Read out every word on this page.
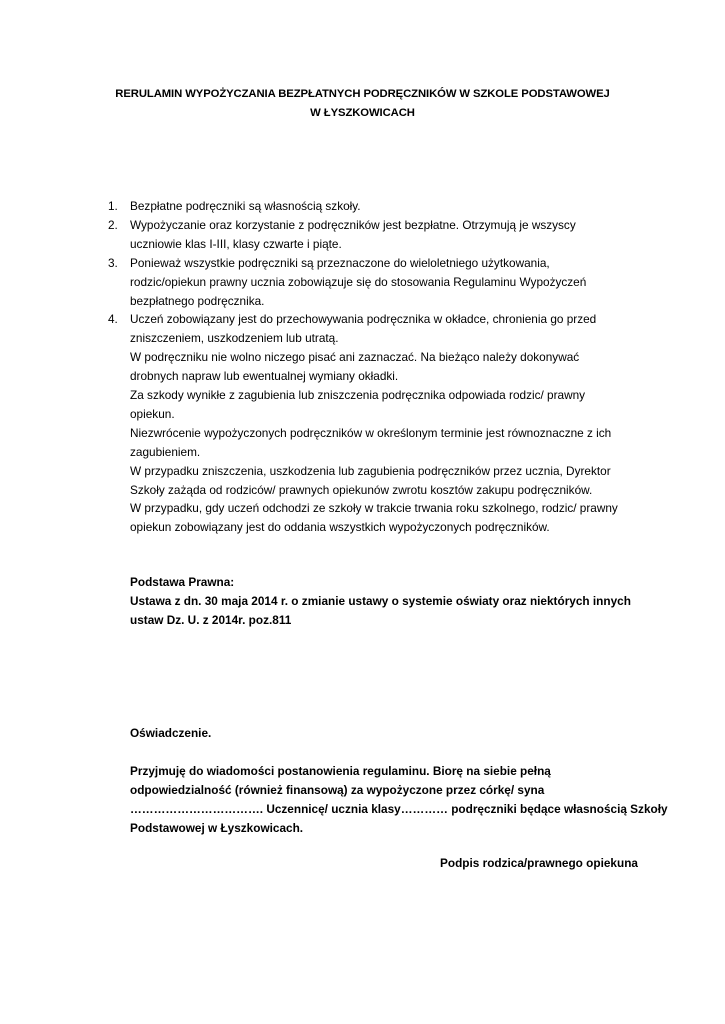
RERULAMIN WYPOŻYCZANIA BEZPŁATNYCH PODRĘCZNIKÓW W SZKOLE PODSTAWOWEJ
W ŁYSZKOWICACH
1. Bezpłatne podręczniki są własnością szkoły.
2. Wypożyczanie oraz korzystanie z podręczników jest bezpłatne. Otrzymują je wszyscy
uczniowie klas I-III, klasy czwarte i piąte.
3. Ponieważ wszystkie podręczniki są przeznaczone do wieloletniego użytkowania,
rodzic/opiekun prawny ucznia zobowiązuje się do stosowania Regulaminu Wypożyczeń
bezpłatnego podręcznika.
4. Uczeń zobowiązany jest do przechowywania podręcznika w okładce, chronienia go przed
zniszczeniem, uszkodzeniem lub utratą.
W podręczniku nie wolno niczego pisać ani zaznaczać. Na bieżąco należy dokonywać
drobnych napraw lub ewentualnej wymiany okładki.
Za szkody wynikłe z zagubienia lub zniszczenia podręcznika odpowiada rodzic/ prawny
opiekun.
Niezwrócenie wypożyczonych podręczników w określonym terminie jest równoznaczne z ich
zagubieniem.
W przypadku zniszczenia, uszkodzenia lub zagubienia podręczników przez ucznia, Dyrektor
Szkoły zażąda od rodziców/ prawnych opiekunów zwrotu kosztów zakupu podręczników.
W przypadku, gdy uczeń odchodzi ze szkoły w trakcie trwania roku szkolnego, rodzic/ prawny
opiekun zobowiązany jest do oddania wszystkich wypożyczonych podręczników.
Podstawa Prawna:
Ustawa z dn. 30 maja 2014 r. o zmianie ustawy o systemie oświaty oraz niektórych innych
ustaw Dz. U. z 2014r. poz.811
Oświadczenie.
Przyjmuję do wiadomości postanowienia regulaminu. Biorę na siebie pełną
odpowiedzialność (również finansową) za wypożyczone przez córkę/ syna
……………………………. Uczennicę/ ucznia klasy………… podręczniki będące własnością Szkoły
Podstawowej w Łyszkowicach.
Podpis rodzica/prawnego opiekuna
